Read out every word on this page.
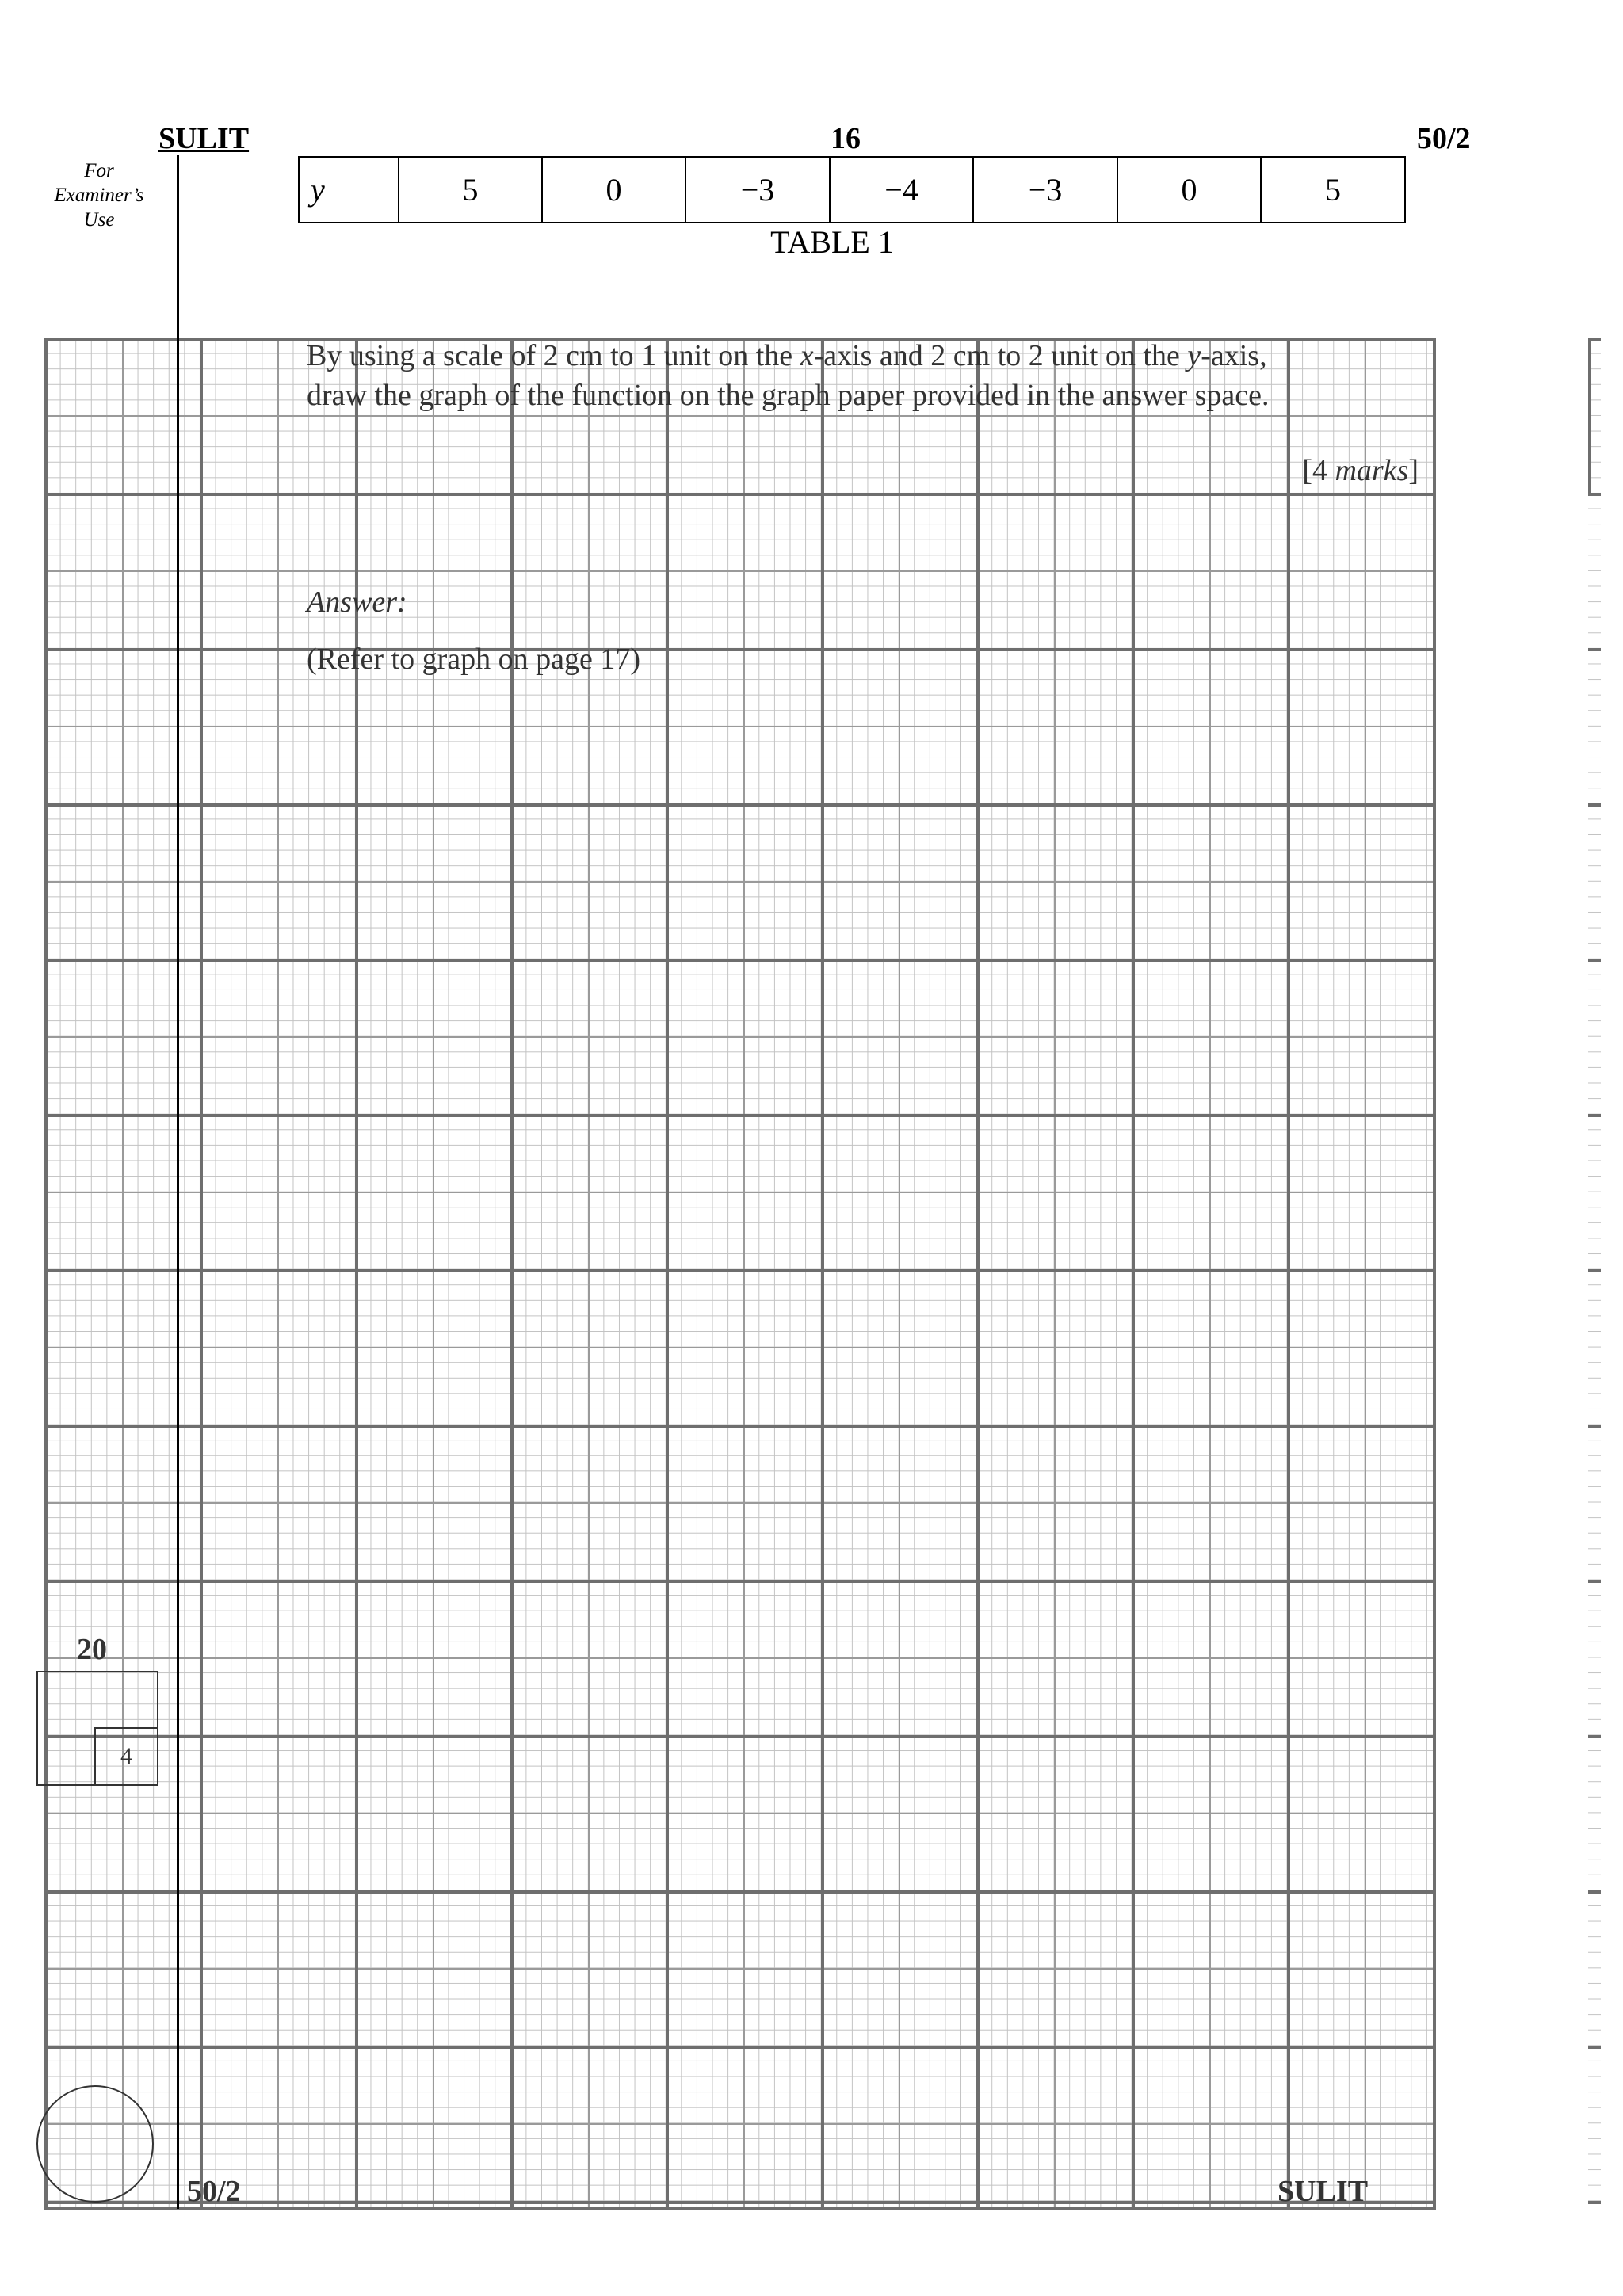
SULIT	16	50/2
For
Examiner’s
Use
y	5	0	−3	−4	−3	0	5
TABLE 1
By using a scale of 2 cm to 1 unit on the x-axis and 2 cm to 2 unit on the y-axis,
draw the graph of the function on the graph paper provided in the answer space.
[4 marks]
Answer:
(Refer to graph on page 17)
20
4
50/2	SULIT
